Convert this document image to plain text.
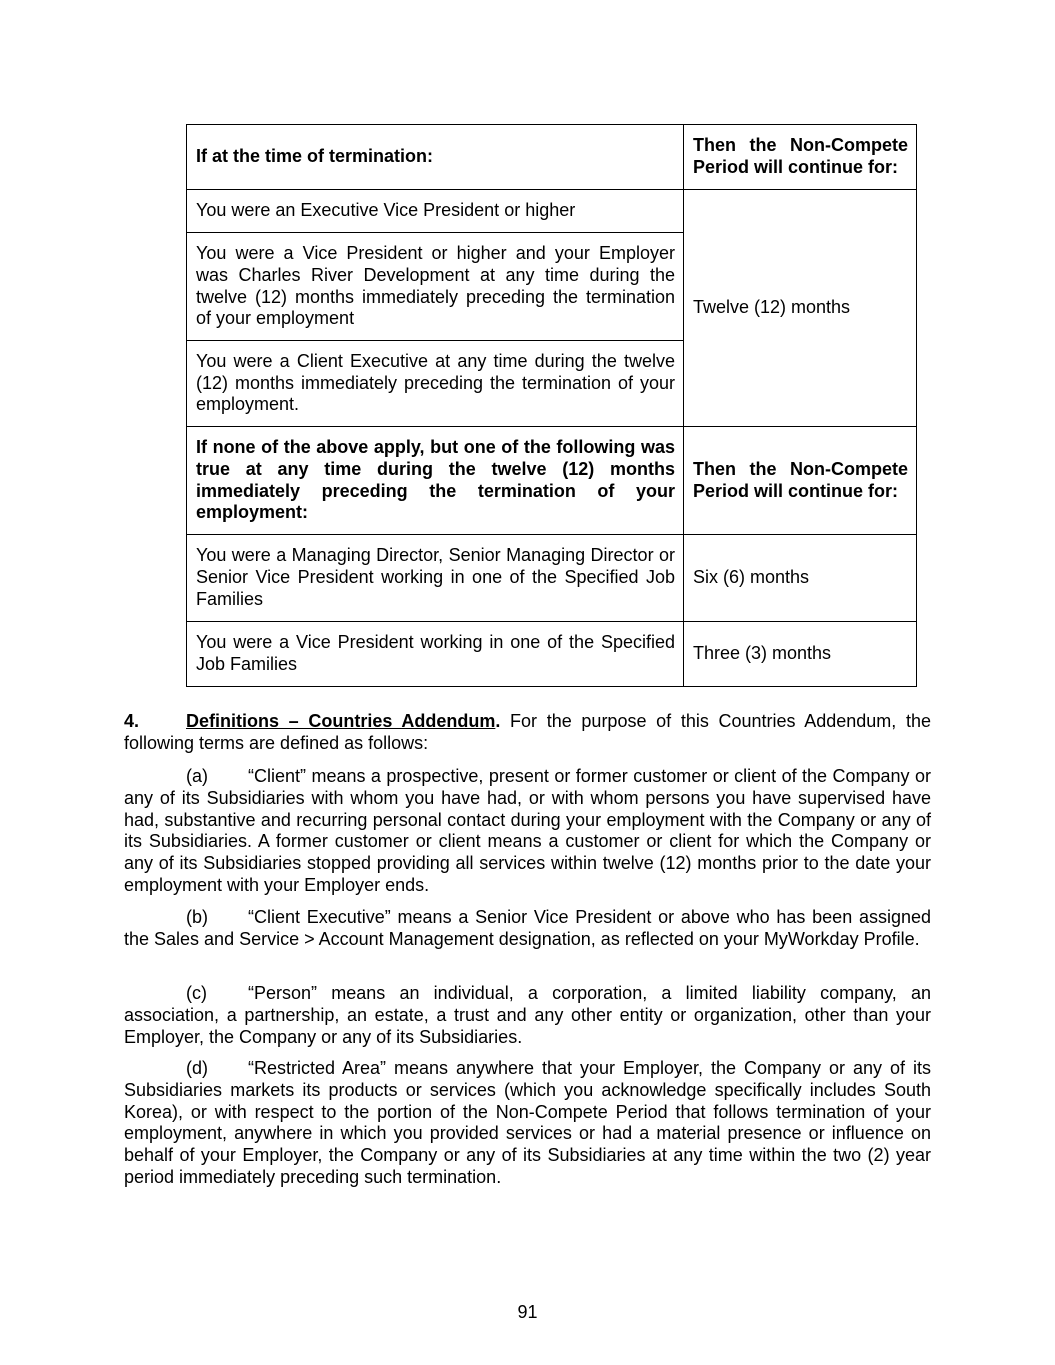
If at the time of termination:	Then the Non-Compete Period will continue for:
You were an Executive Vice President or higher	Twelve (12) months
You were a Vice President or higher and your Employer was Charles River Development at any time during the twelve (12) months immediately preceding the termination of your employment	
You were a Client Executive at any time during the twelve (12) months immediately preceding the termination of your employment.	
If none of the above apply, but one of the following was true at any time during the twelve (12) months immediately preceding the termination of your employment:	Then the Non-Compete Period will continue for:
You were a Managing Director, Senior Managing Director or Senior Vice President working in one of the Specified Job Families	Six (6) months
You were a Vice President working in one of the Specified Job Families	Three (3) months

4.	Definitions – Countries Addendum. For the purpose of this Countries Addendum, the following terms are defined as follows:

(a) “Client” means a prospective, present or former customer or client of the Company or any of its Subsidiaries with whom you have had, or with whom persons you have supervised have had, substantive and recurring personal contact during your employment with the Company or any of its Subsidiaries. A former customer or client means a customer or client for which the Company or any of its Subsidiaries stopped providing all services within twelve (12) months prior to the date your employment with your Employer ends.

(b) “Client Executive” means a Senior Vice President or above who has been assigned the Sales and Service > Account Management designation, as reflected on your MyWorkday Profile.

(c) “Person” means an individual, a corporation, a limited liability company, an association, a partnership, an estate, a trust and any other entity or organization, other than your Employer, the Company or any of its Subsidiaries.

(d) “Restricted Area” means anywhere that your Employer, the Company or any of its Subsidiaries markets its products or services (which you acknowledge specifically includes South Korea), or with respect to the portion of the Non-Compete Period that follows termination of your employment, anywhere in which you provided services or had a material presence or influence on behalf of your Employer, the Company or any of its Subsidiaries at any time within the two (2) year period immediately preceding such termination.

91
